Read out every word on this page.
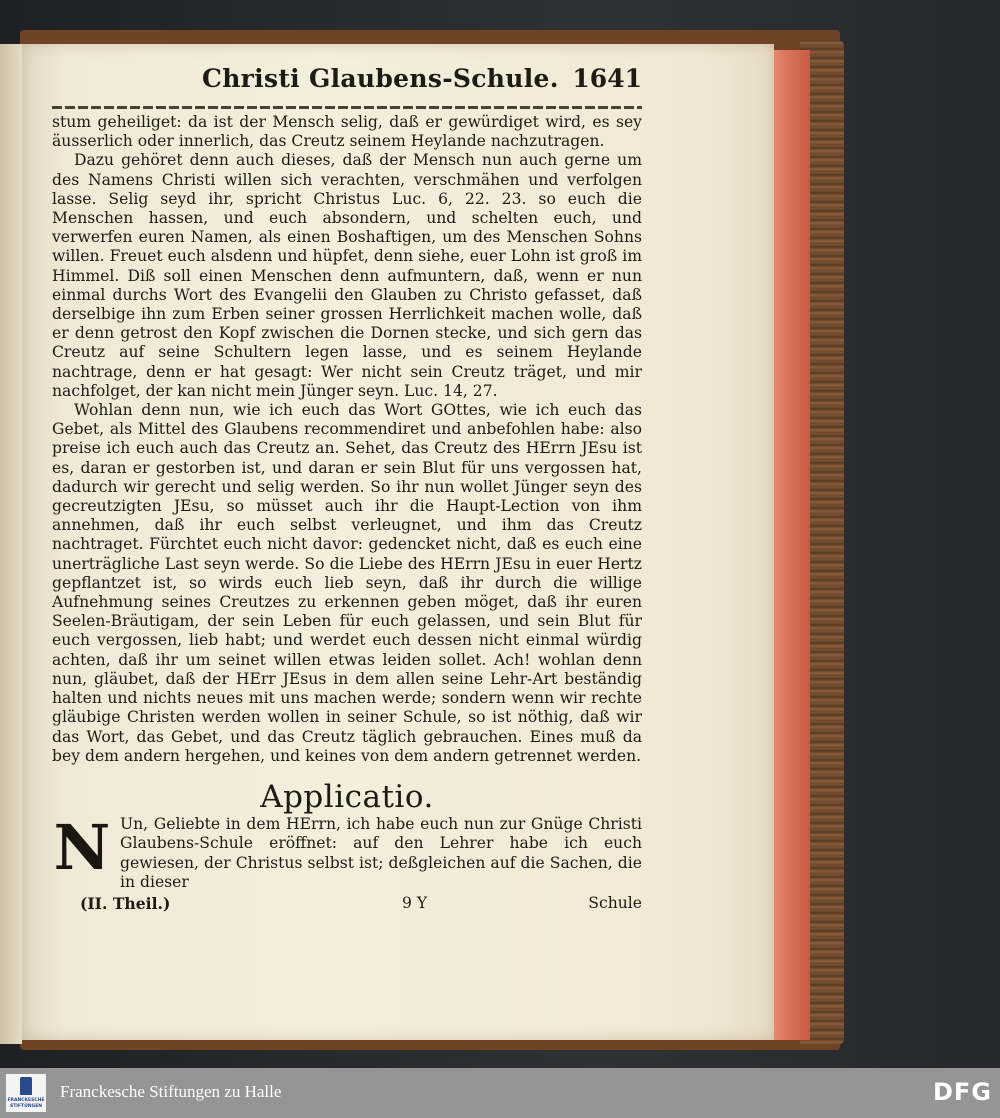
Christi Glaubens-Schule. 1641

stum geheiliget: da ist der Mensch selig, daß er gewürdiget wird, es sey äusserlich oder innerlich, das Creutz seinem Heylande nachzutragen.

Dazu gehöret denn auch dieses, daß der Mensch nun auch gerne um des Namens Christi willen sich verachten, verschmähen und verfolgen lasse. Selig seyd ihr, spricht Christus Luc. 6, 22. 23. so euch die Menschen hassen, und euch absondern, und schelten euch, und verwerfen euren Namen, als einen Boshaftigen, um des Menschen Sohns willen. Freuet euch alsdenn und hüpfet, denn siehe, euer Lohn ist groß im Himmel. Diß soll einen Menschen denn aufmuntern, daß, wenn er nun einmal durchs Wort des Evangelii den Glauben zu Christo gefasset, daß derselbige ihn zum Erben seiner grossen Herrlichkeit machen wolle, daß er denn getrost den Kopf zwischen die Dornen stecke, und sich gern das Creutz auf seine Schultern legen lasse, und es seinem Heylande nachtrage, denn er hat gesagt: Wer nicht sein Creutz träget, und mir nachfolget, der kan nicht mein Jünger seyn. Luc. 14, 27.

Wohlan denn nun, wie ich euch das Wort GOttes, wie ich euch das Gebet, als Mittel des Glaubens recommendiret und anbefohlen habe: also preise ich euch auch das Creutz an. Sehet, das Creutz des HErrn JEsu ist es, daran er gestorben ist, und daran er sein Blut für uns vergossen hat, dadurch wir gerecht und selig werden. So ihr nun wollet Jünger seyn des gecreutzigten JEsu, so müsset auch ihr die Haupt-Lection von ihm annehmen, daß ihr euch selbst verleugnet, und ihm das Creutz nachtraget. Fürchtet euch nicht davor: gedencket nicht, daß es euch eine unerträgliche Last seyn werde. So die Liebe des HErrn JEsu in euer Hertz gepflantzet ist, so wirds euch lieb seyn, daß ihr durch die willige Aufnehmung seines Creutzes zu erkennen geben möget, daß ihr euren Seelen-Bräutigam, der sein Leben für euch gelassen, und sein Blut für euch vergossen, lieb habt; und werdet euch dessen nicht einmal würdig achten, daß ihr um seinet willen etwas leiden sollet. Ach! wohlan denn nun, gläubet, daß der HErr JEsus in dem allen seine Lehr-Art beständig halten und nichts neues mit uns machen werde; sondern wenn wir rechte gläubige Christen werden wollen in seiner Schule, so ist nöthig, daß wir das Wort, das Gebet, und das Creutz täglich gebrauchen. Eines muß da bey dem andern hergehen, und keines von dem andern getrennet werden.

Applicatio.
N Un, Geliebte in dem HErrn, ich habe euch nun zur Gnüge Christi Glaubens-Schule eröffnet: auf den Lehrer habe ich euch gewiesen, der Christus selbst ist; deßgleichen auf die Sachen, die in dieser
(II. Theil.)	9 Y	Schule
FRANCKESCHE
STIFTUNGEN
Franckesche Stiftungen zu Halle	DFG
